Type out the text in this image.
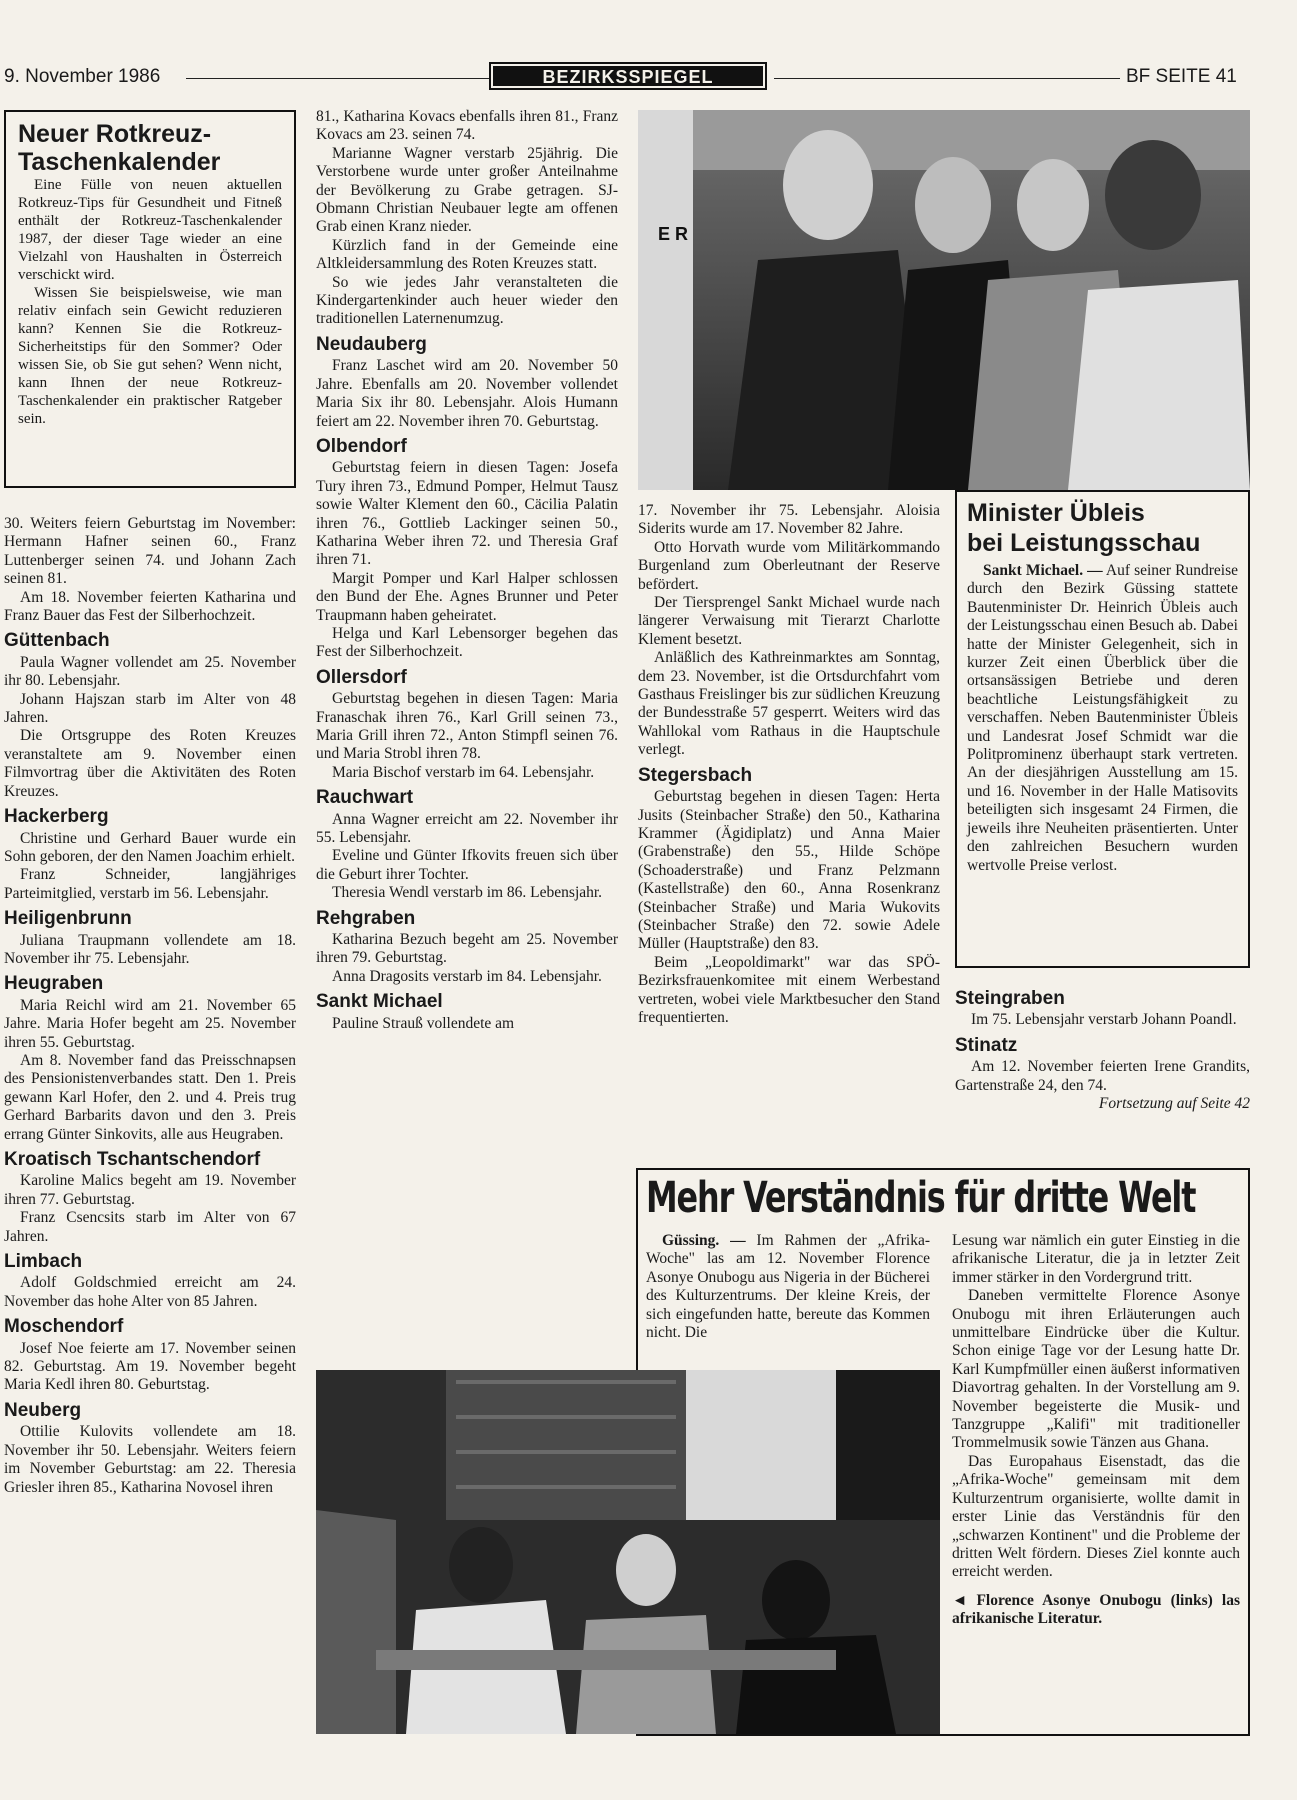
9. November 1986	BEZIRKSSPIEGEL	BF SEITE 41
Neuer Rotkreuz-
Taschenkalender

Eine Fülle von neuen aktuellen Rotkreuz-Tips für Gesundheit und Fitneß enthält der Rotkreuz-Taschenkalender 1987, der dieser Tage wieder an eine Vielzahl von Haushalten in Österreich verschickt wird.

Wissen Sie beispielsweise, wie man relativ einfach sein Gewicht reduzieren kann? Kennen Sie die Rotkreuz-Sicherheitstips für den Sommer? Oder wissen Sie, ob Sie gut sehen? Wenn nicht, kann Ihnen der neue Rotkreuz-Taschenkalender ein praktischer Ratgeber sein.

30. Weiters feiern Geburtstag im November: Hermann Hafner seinen 60., Franz Luttenberger seinen 74. und Johann Zach seinen 81.

Am 18. November feierten Katharina und Franz Bauer das Fest der Silberhochzeit.

Güttenbach

Paula Wagner vollendet am 25. November ihr 80. Lebensjahr.

Johann Hajszan starb im Alter von 48 Jahren.

Die Ortsgruppe des Roten Kreuzes veranstaltete am 9. November einen Filmvortrag über die Aktivitäten des Roten Kreuzes.

Hackerberg

Christine und Gerhard Bauer wurde ein Sohn geboren, der den Namen Joachim erhielt.

Franz Schneider, langjähriges Parteimitglied, verstarb im 56. Lebensjahr.

Heiligenbrunn

Juliana Traupmann vollendete am 18. November ihr 75. Lebensjahr.

Heugraben

Maria Reichl wird am 21. November 65 Jahre. Maria Hofer begeht am 25. November ihren 55. Geburtstag.

Am 8. November fand das Preisschnapsen des Pensionistenverbandes statt. Den 1. Preis gewann Karl Hofer, den 2. und 4. Preis trug Gerhard Barbarits davon und den 3. Preis errang Günter Sinkovits, alle aus Heugraben.

Kroatisch Tschantschendorf

Karoline Malics begeht am 19. November ihren 77. Geburtstag.

Franz Csencsits starb im Alter von 67 Jahren.

Limbach

Adolf Goldschmied erreicht am 24. November das hohe Alter von 85 Jahren.

Moschendorf

Josef Noe feierte am 17. November seinen 82. Geburtstag. Am 19. November begeht Maria Kedl ihren 80. Geburtstag.

Neuberg

Ottilie Kulovits vollendete am 18. November ihr 50. Lebensjahr. Weiters feiern im November Geburtstag: am 22. Theresia Griesler ihren 85., Katharina Novosel ihren

81., Katharina Kovacs ebenfalls ihren 81., Franz Kovacs am 23. seinen 74.

Marianne Wagner verstarb 25jährig. Die Verstorbene wurde unter großer Anteilnahme der Bevölkerung zu Grabe getragen. SJ-Obmann Christian Neubauer legte am offenen Grab einen Kranz nieder.

Kürzlich fand in der Gemeinde eine Altkleidersammlung des Roten Kreuzes statt.

So wie jedes Jahr veranstalteten die Kindergartenkinder auch heuer wieder den traditionellen Laternenumzug.

Neudauberg

Franz Laschet wird am 20. November 50 Jahre. Ebenfalls am 20. November vollendet Maria Six ihr 80. Lebensjahr. Alois Humann feiert am 22. November ihren 70. Geburtstag.

Olbendorf

Geburtstag feiern in diesen Tagen: Josefa Tury ihren 73., Edmund Pomper, Helmut Tausz sowie Walter Klement den 60., Cäcilia Palatin ihren 76., Gottlieb Lackinger seinen 50., Katharina Weber ihren 72. und Theresia Graf ihren 71.

Margit Pomper und Karl Halper schlossen den Bund der Ehe. Agnes Brunner und Peter Traupmann haben geheiratet.

Helga und Karl Lebensorger begehen das Fest der Silberhochzeit.

Ollersdorf

Geburtstag begehen in diesen Tagen: Maria Franaschak ihren 76., Karl Grill seinen 73., Maria Grill ihren 72., Anton Stimpfl seinen 76. und Maria Strobl ihren 78.

Maria Bischof verstarb im 64. Lebensjahr.

Rauchwart

Anna Wagner erreicht am 22. November ihr 55. Lebensjahr.

Eveline und Günter Ifkovits freuen sich über die Geburt ihrer Tochter.

Theresia Wendl verstarb im 86. Lebensjahr.

Rehgraben

Katharina Bezuch begeht am 25. November ihren 79. Geburtstag.

Anna Dragosits verstarb im 84. Lebensjahr.

Sankt Michael

Pauline Strauß vollendete am

E R

17. November ihr 75. Lebensjahr. Aloisia Siderits wurde am 17. November 82 Jahre.

Otto Horvath wurde vom Militärkommando Burgenland zum Oberleutnant der Reserve befördert.

Der Tiersprengel Sankt Michael wurde nach längerer Verwaisung mit Tierarzt Charlotte Klement besetzt.

Anläßlich des Kathreinmarktes am Sonntag, dem 23. November, ist die Ortsdurchfahrt vom Gasthaus Freislinger bis zur südlichen Kreuzung der Bundesstraße 57 gesperrt. Weiters wird das Wahllokal vom Rathaus in die Hauptschule verlegt.

Stegersbach

Geburtstag begehen in diesen Tagen: Herta Jusits (Steinbacher Straße) den 50., Katharina Krammer (Ägidiplatz) und Anna Maier (Grabenstraße) den 55., Hilde Schöpe (Schoaderstraße) und Franz Pelzmann (Kastellstraße) den 60., Anna Rosenkranz (Steinbacher Straße) und Maria Wukovits (Steinbacher Straße) den 72. sowie Adele Müller (Hauptstraße) den 83.

Beim „Leopoldimarkt" war das SPÖ-Bezirksfrauenkomitee mit einem Werbestand vertreten, wobei viele Marktbesucher den Stand frequentierten.

Minister Übleis
bei Leistungsschau

Sankt Michael. — Auf seiner Rundreise durch den Bezirk Güssing stattete Bautenminister Dr. Heinrich Übleis auch der Leistungsschau einen Besuch ab. Dabei hatte der Minister Gelegenheit, sich in kurzer Zeit einen Überblick über die ortsansässigen Betriebe und deren beachtliche Leistungsfähigkeit zu verschaffen. Neben Bautenminister Übleis und Landesrat Josef Schmidt war die Politprominenz überhaupt stark vertreten. An der diesjährigen Ausstellung am 15. und 16. November in der Halle Matisovits beteiligten sich insgesamt 24 Firmen, die jeweils ihre Neuheiten präsentierten. Unter den zahlreichen Besuchern wurden wertvolle Preise verlost.

Steingraben

Im 75. Lebensjahr verstarb Johann Poandl.

Stinatz

Am 12. November feierten Irene Grandits, Gartenstraße 24, den 74.

Fortsetzung auf Seite 42
Mehr Verständnis für dritte Welt

Güssing. — Im Rahmen der „Afrika-Woche" las am 12. November Florence Asonye Onubogu aus Nigeria in der Bücherei des Kulturzentrums. Der kleine Kreis, der sich eingefunden hatte, bereute das Kommen nicht. Die

Lesung war nämlich ein guter Einstieg in die afrikanische Literatur, die ja in letzter Zeit immer stärker in den Vordergrund tritt.

Daneben vermittelte Florence Asonye Onubogu mit ihren Erläuterungen auch unmittelbare Eindrücke über die Kultur. Schon einige Tage vor der Lesung hatte Dr. Karl Kumpfmüller einen äußerst informativen Diavortrag gehalten. In der Vorstellung am 9. November begeisterte die Musik- und Tanzgruppe „Kalifi" mit traditioneller Trommelmusik sowie Tänzen aus Ghana.

Das Europahaus Eisenstadt, das die „Afrika-Woche" gemeinsam mit dem Kulturzentrum organisierte, wollte damit in erster Linie das Verständnis für den „schwarzen Kontinent" und die Probleme der dritten Welt fördern. Dieses Ziel konnte auch erreicht werden.

◄ Florence Asonye Onubogu (links) las afrikanische Literatur.
